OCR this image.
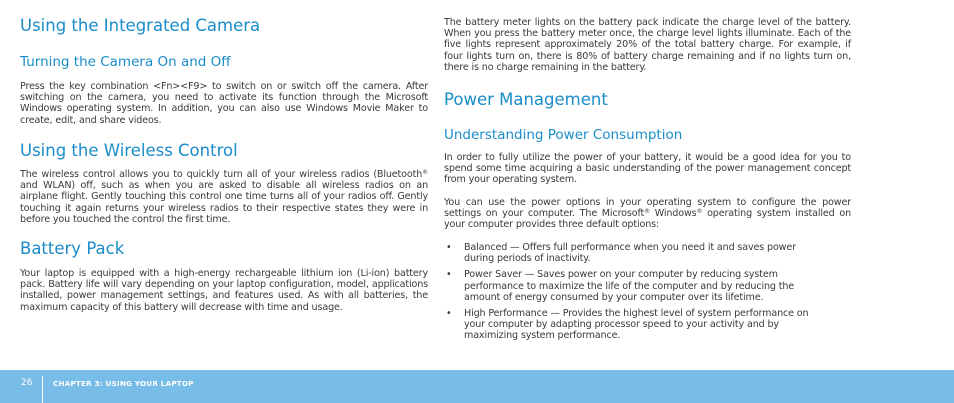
Using the Integrated Camera
Turning the Camera On and Off

Press the key combination <Fn><F9> to switch on or switch off the camera. After switching on the camera, you need to activate its function through the Microsoft Windows operating system. In addition, you can also use Windows Movie Maker to create, edit, and share videos.

Using the Wireless Control

The wireless control allows you to quickly turn all of your wireless radios (Bluetooth® and WLAN) off, such as when you are asked to disable all wireless radios on an airplane flight. Gently touching this control one time turns all of your radios off. Gently touching it again returns your wireless radios to their respective states they were in before you touched the control the first time.

Battery Pack

Your laptop is equipped with a high-energy rechargeable lithium ion (Li-ion) battery pack. Battery life will vary depending on your laptop configuration, model, applications installed, power management settings, and features used. As with all batteries, the maximum capacity of this battery will decrease with time and usage.

The battery meter lights on the battery pack indicate the charge level of the battery. When you press the battery meter once, the charge level lights illuminate. Each of the five lights represent approximately 20% of the total battery charge. For example, if four lights turn on, there is 80% of battery charge remaining and if no lights turn on, there is no charge remaining in the battery.

Power Management
Understanding Power Consumption

In order to fully utilize the power of your battery, it would be a good idea for you to spend some time acquiring a basic understanding of the power management concept from your operating system.

You can use the power options in your operating system to configure the power settings on your computer. The Microsoft® Windows® operating system installed on your computer provides three default options:

• Balanced — Offers full performance when you need it and saves power during periods of inactivity.
• Power Saver — Saves power on your computer by reducing system performance to maximize the life of the computer and by reducing the amount of energy consumed by your computer over its lifetime.
• High Performance — Provides the highest level of system performance on your computer by adapting processor speed to your activity and by maximizing system performance.
26	CHAPTER 3: USING YOUR LAPTOP
